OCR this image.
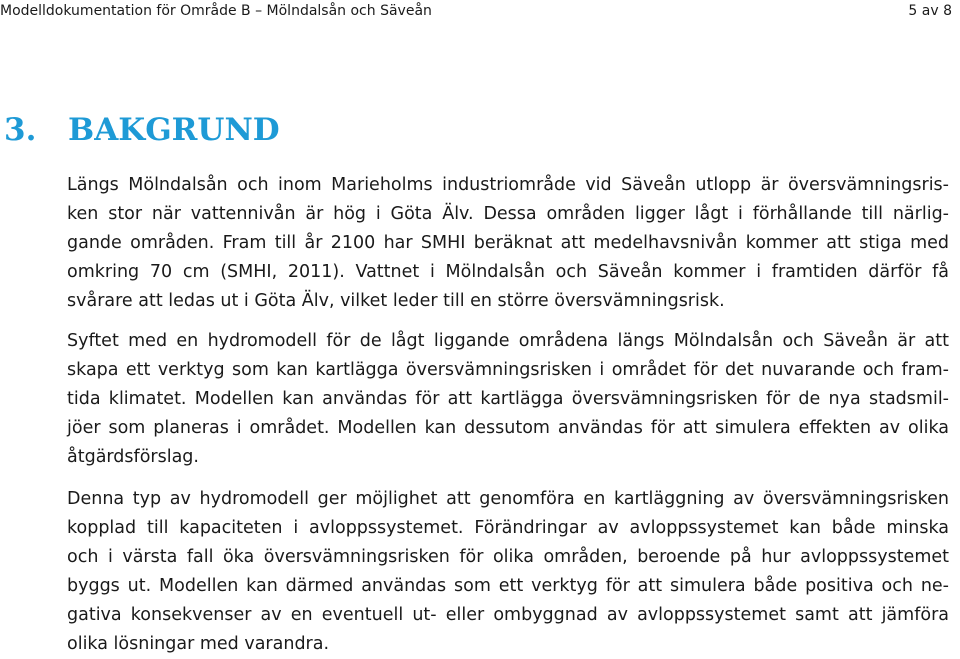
Modelldokumentation för Område B – Mölndalsån och Säveån	5 av 8
3. BAKGRUND
Längs Mölndalsån och inom Marieholms industriområde vid Säveån utlopp är översvämningsris-
ken stor när vattennivån är hög i Göta Älv. Dessa områden ligger lågt i förhållande till närlig-
gande områden. Fram till år 2100 har SMHI beräknat att medelhavsnivån kommer att stiga med
omkring 70 cm (SMHI, 2011). Vattnet i Mölndalsån och Säveån kommer i framtiden därför få
svårare att ledas ut i Göta Älv, vilket leder till en större översvämningsrisk.
Syftet med en hydromodell för de lågt liggande områdena längs Mölndalsån och Säveån är att
skapa ett verktyg som kan kartlägga översvämningsrisken i området för det nuvarande och fram-
tida klimatet. Modellen kan användas för att kartlägga översvämningsrisken för de nya stadsmil-
jöer som planeras i området. Modellen kan dessutom användas för att simulera effekten av olika
åtgärdsförslag.
Denna typ av hydromodell ger möjlighet att genomföra en kartläggning av översvämningsrisken
kopplad till kapaciteten i avloppssystemet. Förändringar av avloppssystemet kan både minska
och i värsta fall öka översvämningsrisken för olika områden, beroende på hur avloppssystemet
byggs ut. Modellen kan därmed användas som ett verktyg för att simulera både positiva och ne-
gativa konsekvenser av en eventuell ut- eller ombyggnad av avloppssystemet samt att jämföra
olika lösningar med varandra.
